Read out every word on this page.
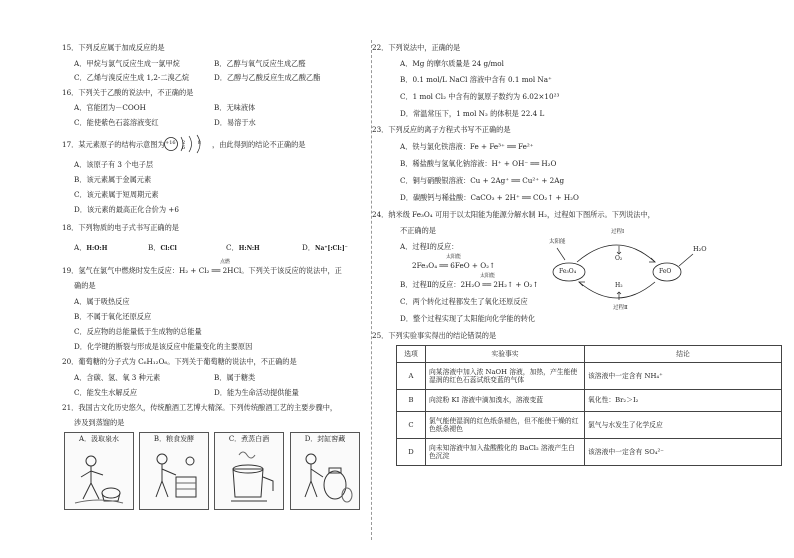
15．下列反应属于加成反应的是
A．甲烷与氯气反应生成一氯甲烷	B．乙醇与氧气反应生成乙醛
C．乙烯与溴反应生成 1,2-二溴乙烷	D．乙醇与乙酸反应生成乙酸乙酯
16．下列关于乙酸的说法中，不正确的是
A．官能团为－COOH	B．无味液体
C．能使紫色石蕊溶液变红	D．易溶于水
17．某元素原子的结构示意图为 +16 2 8 6	，由此得到的结论不正确的是
A．该原子有 3 个电子层
B．该元素属于金属元素
C．该元素属于短周期元素
D．该元素的最高正化合价为 +6
18．下列物质的电子式书写正确的是
A．H:O:H	B．Cl:Cl	C．H:N:H	D．Na⁺[:Cl:]⁻
点燃
19．氢气在氯气中燃烧时发生反应：H₂ + Cl₂ ══ 2HCl。下列关于该反应的说法中，正
确的是
A．属于吸热反应
B．不属于氧化还原反应
C．反应物的总能量低于生成物的总能量
D．化学键的断裂与形成是该反应中能量变化的主要原因
20．葡萄糖的分子式为 C₆H₁₂O₆。下列关于葡萄糖的说法中，不正确的是
A．含碳、氢、氧 3 种元素	B．属于糖类
C．能发生水解反应	D．能为生命活动提供能量
21．我国古文化历史悠久，传统酿酒工艺博大精深。下列传统酿酒工艺的主要步骤中，
涉及到蒸馏的是
A．汲取泉水	B．粮食发酵	C．煮蒸白酒	D．封缸窖藏
22．下列说法中，正确的是
A．Mg 的摩尔质量是 24 g/mol
B．0.1 mol/L NaCl 溶液中含有 0.1 mol Na⁺
C．1 mol Cl₂ 中含有的氯原子数约为 6.02×10²³
D．常温常压下，1 mol N₂ 的体积是 22.4 L
23．下列反应的离子方程式书写不正确的是
A．铁与氯化铁溶液：Fe + Fe³⁺ ══ Fe²⁺
B．稀盐酸与氢氧化钠溶液：H⁺ + OH⁻ ══ H₂O
C．铜与硝酸银溶液：Cu + 2Ag⁺ ══ Cu²⁺ + 2Ag
D．碳酸钙与稀盐酸：CaCO₃ + 2H⁺ ══ CO₂↑ + H₂O
24．纳米级 Fe₃O₄ 可用于以太阳能为能源分解水制 H₂，过程如下图所示。下列说法中，
不正确的是
A．过程Ⅰ的反应：
太阳能
2Fe₃O₄ ══ 6FeO + O₂↑
太阳能
B．过程Ⅱ的反应：2H₂O ══ 2H₂↑ + O₂↑
C．两个转化过程都发生了氧化还原反应
D．整个过程实现了太阳能向化学能的转化
太阳能
Fe₃O₄	FeO
过程Ⅰ
O₂
H₂O
H₂
过程Ⅱ
25．下列实验事实得出的结论错误的是
选项	实验事实	结论
A	向某溶液中加入浓 NaOH 溶液，加热，产生能使湿润的红色石蕊试纸变蓝的气体	该溶液中一定含有 NH₄⁺
B	向淀粉 KI 溶液中滴加溴水，溶液变蓝	氧化性：Br₂＞I₂
C	氯气能使湿润的红色纸条褪色，但不能使干燥的红色纸条褪色	氯气与水发生了化学反应
D	向未知溶液中加入盐酸酸化的 BaCl₂ 溶液产生白色沉淀	该溶液中一定含有 SO₄²⁻
